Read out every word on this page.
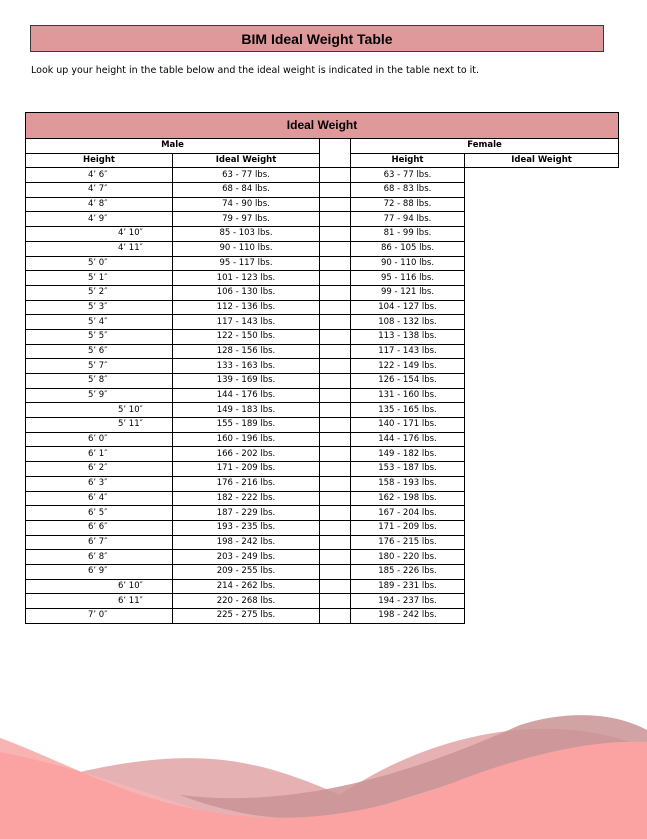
BIM Ideal Weight Table
Look up your height in the table below and the ideal weight is indicated in the table next to it.
Ideal Weight				
Male			Female	
Height	Ideal Weight		Height	Ideal Weight
4’ 6″	63 - 77 lbs.		63 - 77 lbs.	
4’ 7″	68 - 84 lbs.		68 - 83 lbs.	
4’ 8″	74 - 90 lbs.		72 - 88 lbs.	
4’ 9″	79 - 97 lbs.		77 - 94 lbs.	
4’ 10″	85 - 103 lbs.		81 - 99 lbs.	
4’ 11″	90 - 110 lbs.		86 - 105 lbs.	
5’ 0″	95 - 117 lbs.		90 - 110 lbs.	
5’ 1″	101 - 123 lbs.		95 - 116 lbs.	
5’ 2″	106 - 130 lbs.		99 - 121 lbs.	
5’ 3″	112 - 136 lbs.		104 - 127 lbs.	
5’ 4″	117 - 143 lbs.		108 - 132 lbs.	
5’ 5″	122 - 150 lbs.		113 - 138 lbs.	
5’ 6″	128 - 156 lbs.		117 - 143 lbs.	
5’ 7″	133 - 163 lbs.		122 - 149 lbs.	
5’ 8″	139 - 169 lbs.		126 - 154 lbs.	
5’ 9″	144 - 176 lbs.		131 - 160 lbs.	
5’ 10″	149 - 183 lbs.		135 - 165 lbs.	
5’ 11″	155 - 189 lbs.		140 - 171 lbs.	
6’ 0″	160 - 196 lbs.		144 - 176 lbs.	
6’ 1″	166 - 202 lbs.		149 - 182 lbs.	
6’ 2″	171 - 209 lbs.		153 - 187 lbs.	
6’ 3″	176 - 216 lbs.		158 - 193 lbs.	
6’ 4″	182 - 222 lbs.		162 - 198 lbs.	
6’ 5″	187 - 229 lbs.		167 - 204 lbs.	
6’ 6″	193 - 235 lbs.		171 - 209 lbs.	
6’ 7″	198 - 242 lbs.		176 - 215 lbs.	
6’ 8″	203 - 249 lbs.		180 - 220 lbs.	
6’ 9″	209 - 255 lbs.		185 - 226 lbs.	
6’ 10″	214 - 262 lbs.		189 - 231 lbs.	
6’ 11″	220 - 268 lbs.		194 - 237 lbs.	
7’ 0″	225 - 275 lbs.		198 - 242 lbs.	
